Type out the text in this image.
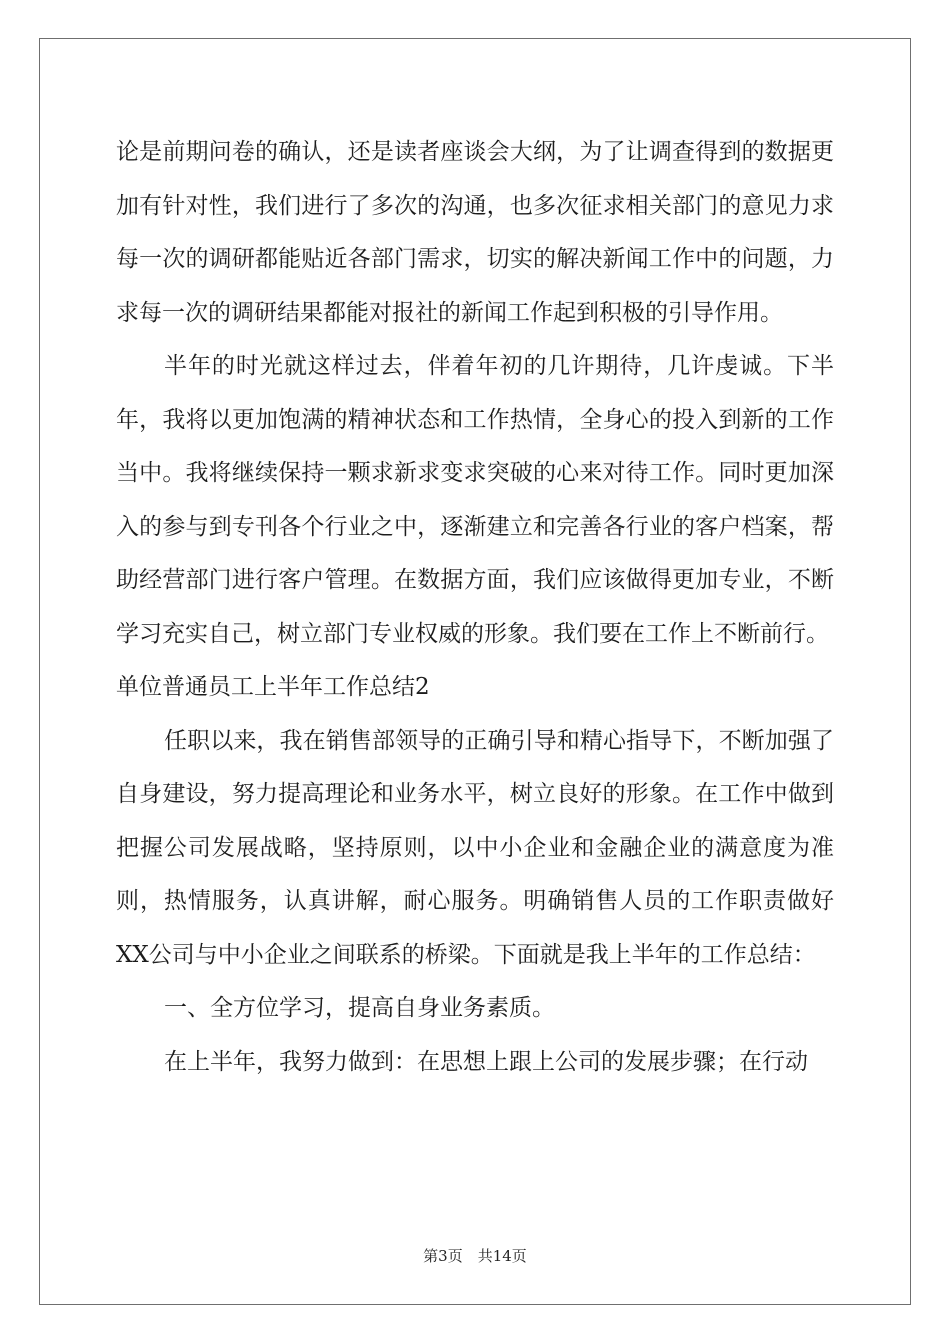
论是前期问卷的确认，还是读者座谈会大纲，为了让调查得到的数据更加有针对性，我们进行了多次的沟通，也多次征求相关部门的意见力求每一次的调研都能贴近各部门需求，切实的解决新闻工作中的问题，力求每一次的调研结果都能对报社的新闻工作起到积极的引导作用。

半年的时光就这样过去，伴着年初的几许期待，几许虔诚。下半年，我将以更加饱满的精神状态和工作热情，全身心的投入到新的工作当中。我将继续保持一颗求新求变求突破的心来对待工作。同时更加深入的参与到专刊各个行业之中，逐渐建立和完善各行业的客户档案，帮助经营部门进行客户管理。在数据方面，我们应该做得更加专业，不断学习充实自己，树立部门专业权威的形象。我们要在工作上不断前行。

单位普通员工上半年工作总结2

任职以来，我在销售部领导的正确引导和精心指导下，不断加强了自身建设，努力提高理论和业务水平，树立良好的形象。在工作中做到把握公司发展战略，坚持原则，以中小企业和金融企业的满意度为准则，热情服务，认真讲解，耐心服务。明确销售人员的工作职责做好XX公司与中小企业之间联系的桥梁。下面就是我上半年的工作总结：

一、全方位学习，提高自身业务素质。

在上半年，我努力做到：在思想上跟上公司的发展步骤；在行动

第3页　共14页
